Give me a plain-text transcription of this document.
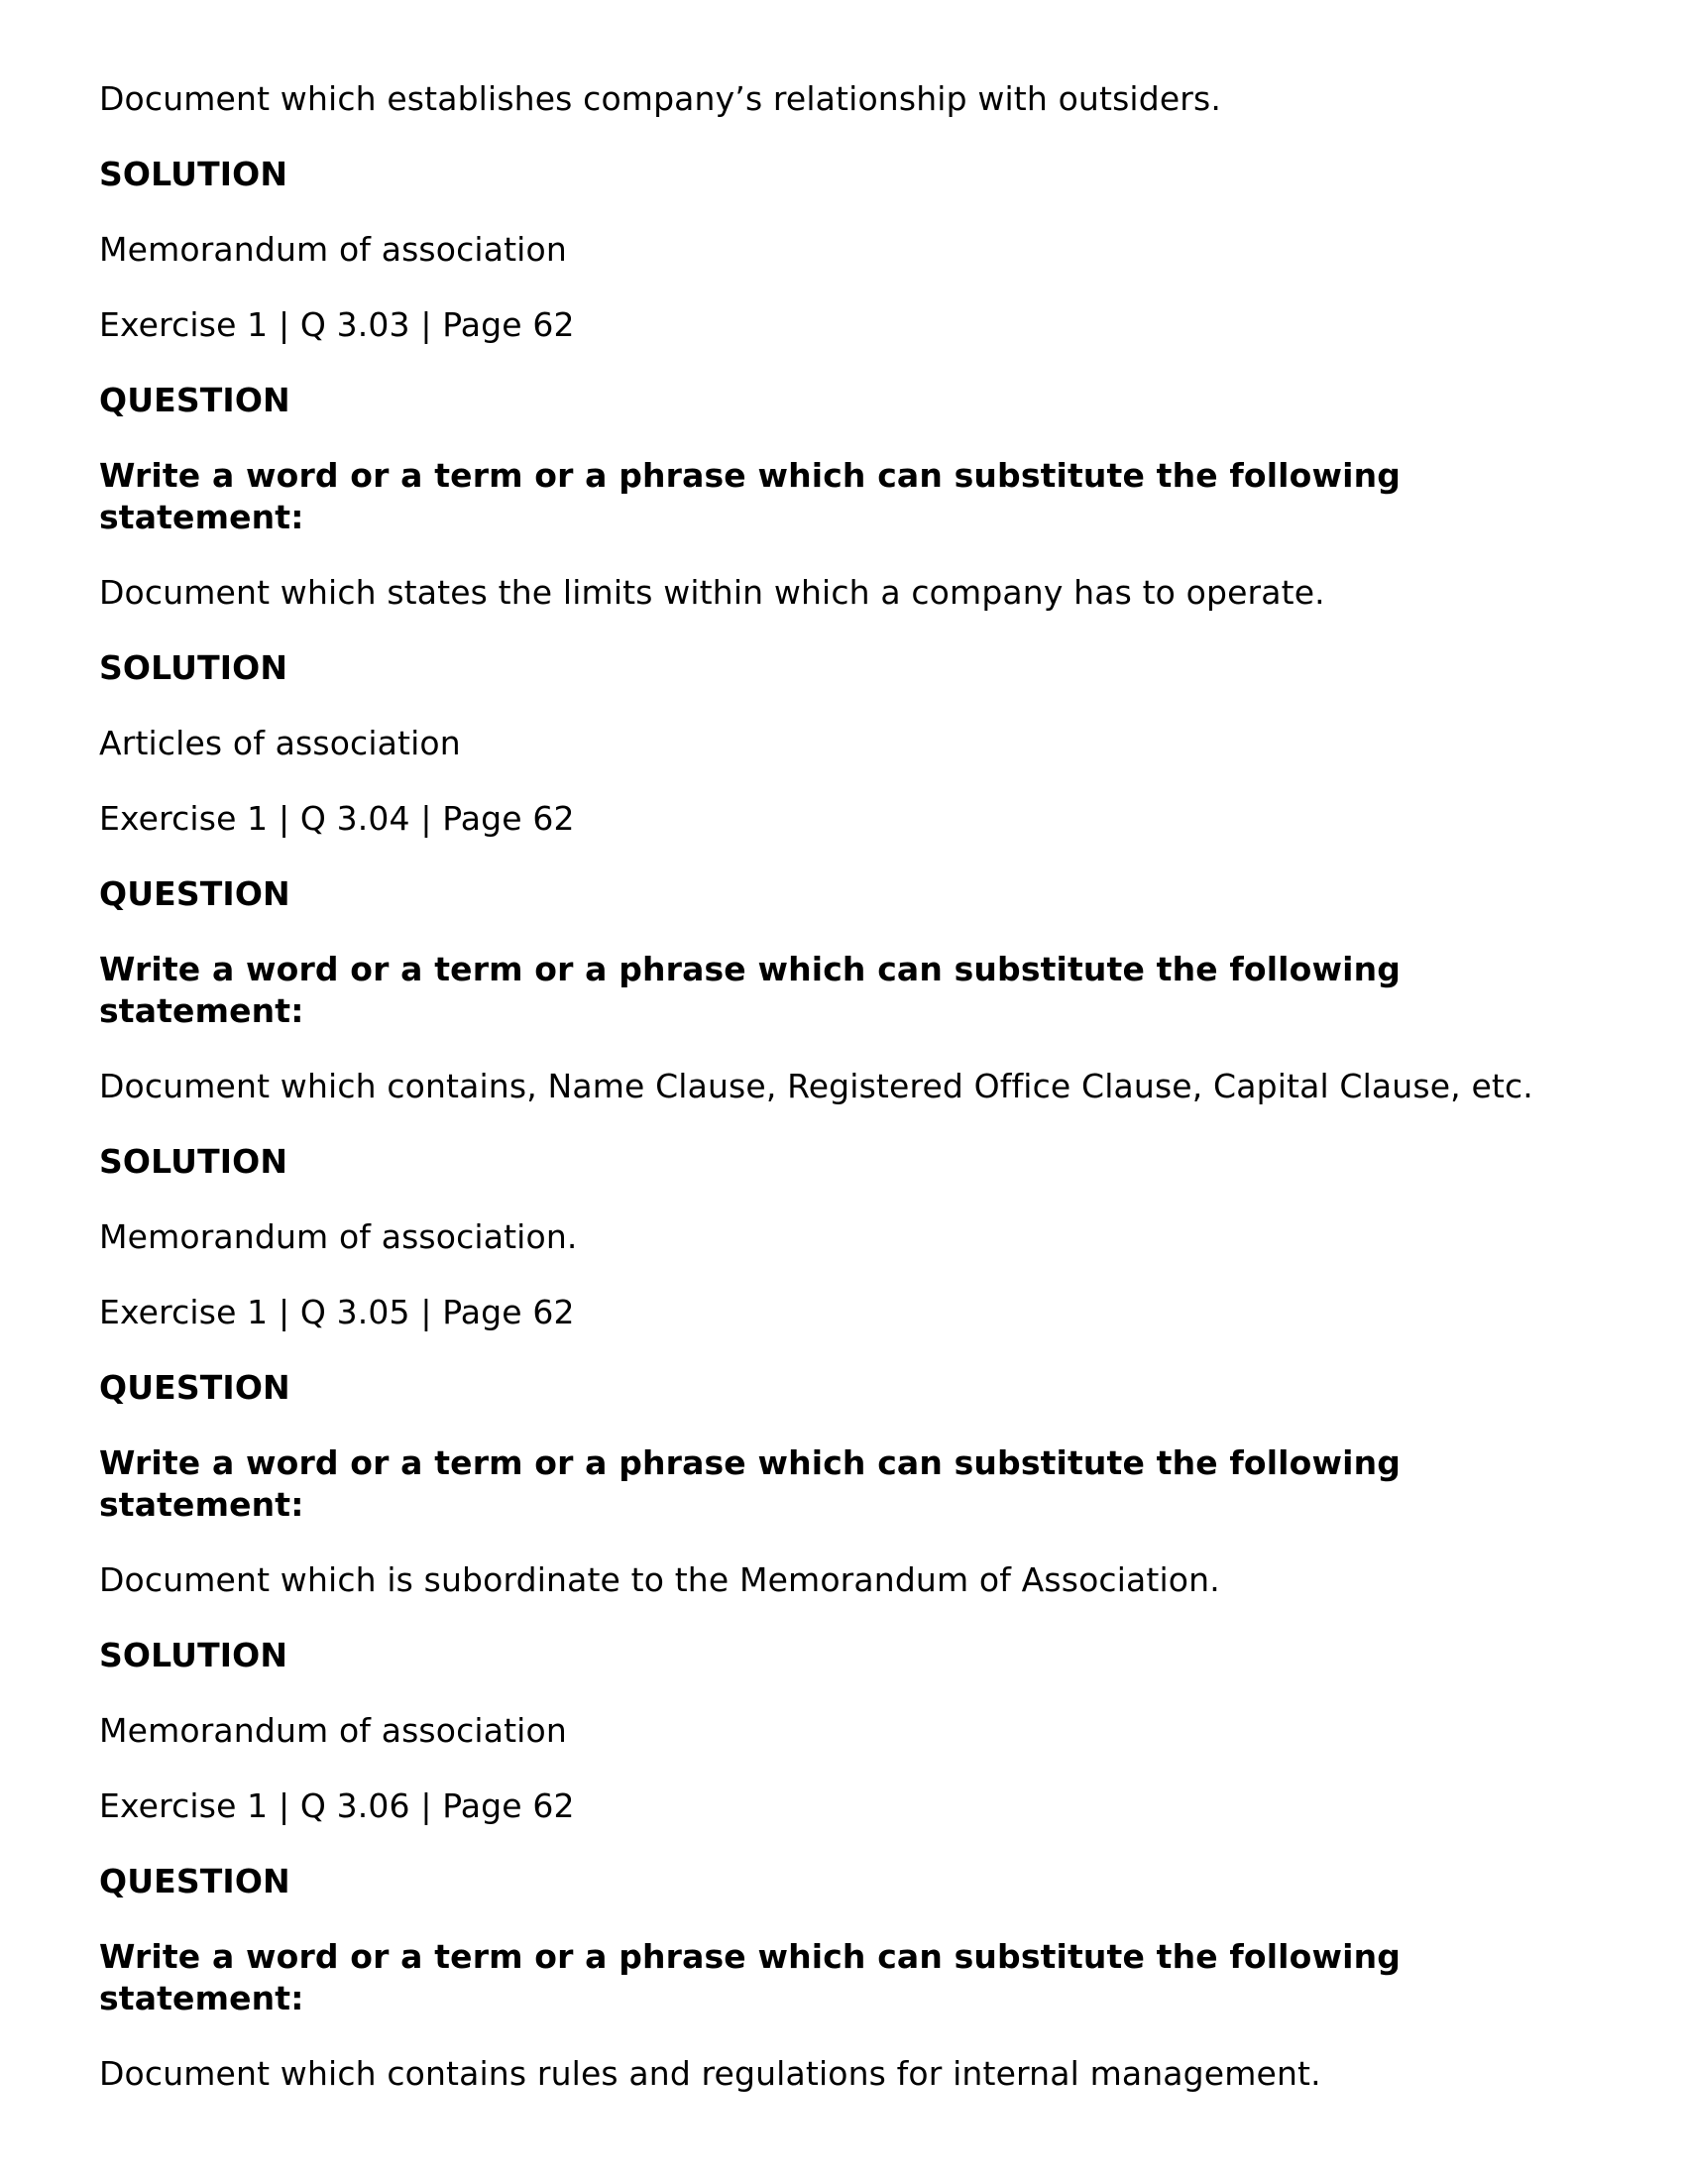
Document which establishes company’s relationship with outsiders.
SOLUTION
Memorandum of association
Exercise 1 | Q 3.03 | Page 62
QUESTION
Write a word or a term or a phrase which can substitute the following statement:
Document which states the limits within which a company has to operate.
SOLUTION
Articles of association
Exercise 1 | Q 3.04 | Page 62
QUESTION
Write a word or a term or a phrase which can substitute the following statement:
Document which contains, Name Clause, Registered Office Clause, Capital Clause, etc.
SOLUTION
Memorandum of association.
Exercise 1 | Q 3.05 | Page 62
QUESTION
Write a word or a term or a phrase which can substitute the following statement:
Document which is subordinate to the Memorandum of Association.
SOLUTION
Memorandum of association
Exercise 1 | Q 3.06 | Page 62
QUESTION
Write a word or a term or a phrase which can substitute the following statement:
Document which contains rules and regulations for internal management.
